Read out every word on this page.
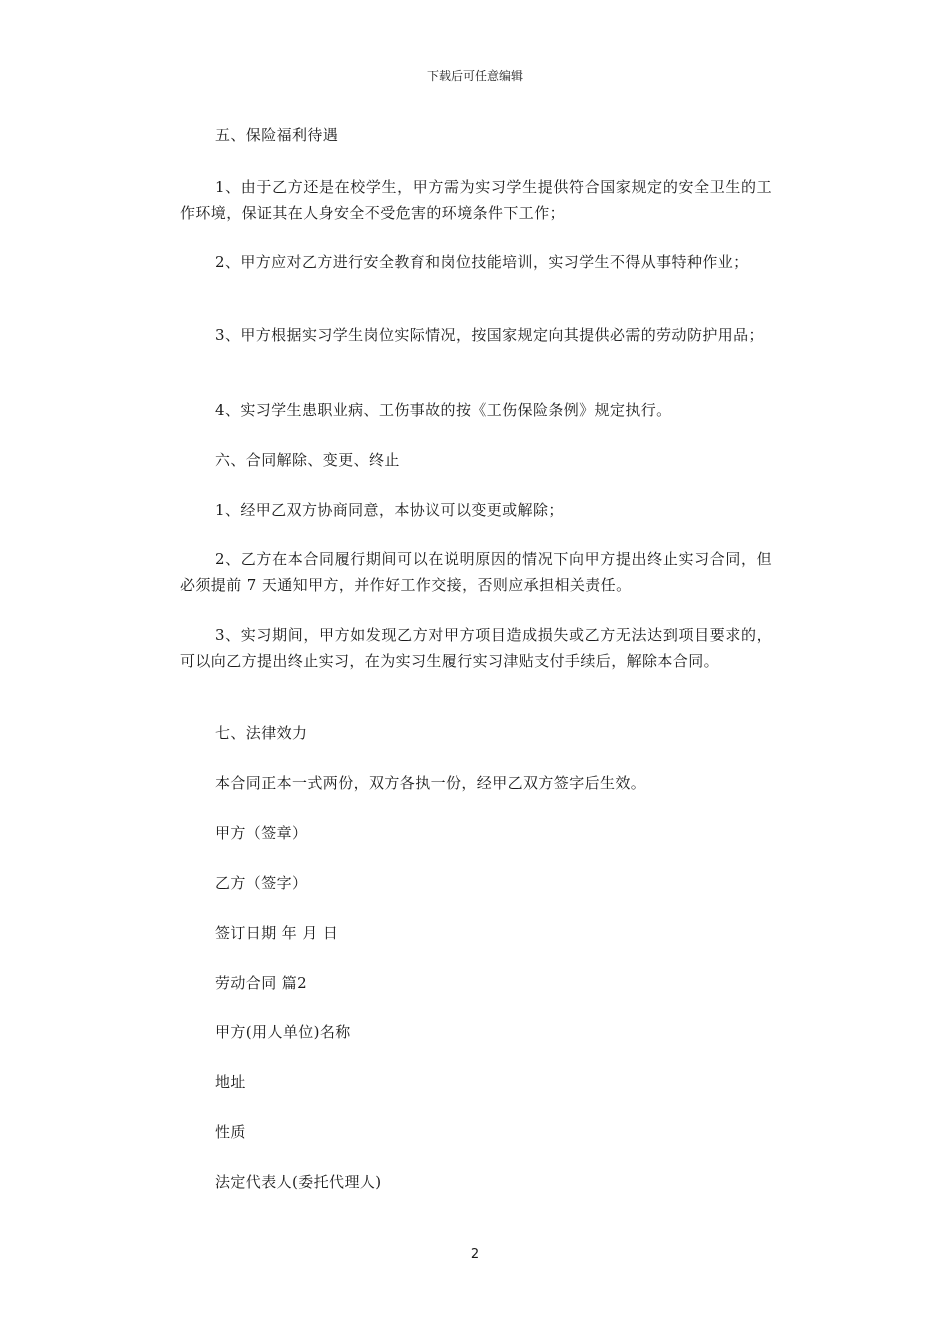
下载后可任意编辑

五、保险福利待遇

1、由于乙方还是在校学生，甲方需为实习学生提供符合国家规定的安全卫生的工作环境，保证其在人身安全不受危害的环境条件下工作；

2、甲方应对乙方进行安全教育和岗位技能培训，实习学生不得从事特种作业；

3、甲方根据实习学生岗位实际情况，按国家规定向其提供必需的劳动防护用品；

4、实习学生患职业病、工伤事故的按《工伤保险条例》规定执行。

六、合同解除、变更、终止

1、经甲乙双方协商同意，本协议可以变更或解除；

2、乙方在本合同履行期间可以在说明原因的情况下向甲方提出终止实习合同，但必须提前 7 天通知甲方，并作好工作交接，否则应承担相关责任。

3、实习期间，甲方如发现乙方对甲方项目造成损失或乙方无法达到项目要求的，可以向乙方提出终止实习，在为实习生履行实习津贴支付手续后，解除本合同。

七、法律效力

本合同正本一式两份，双方各执一份，经甲乙双方签字后生效。

甲方（签章）

乙方（签字）

签订日期 年 月 日

劳动合同 篇2

甲方(用人单位)名称

地址

性质

法定代表人(委托代理人)

2
